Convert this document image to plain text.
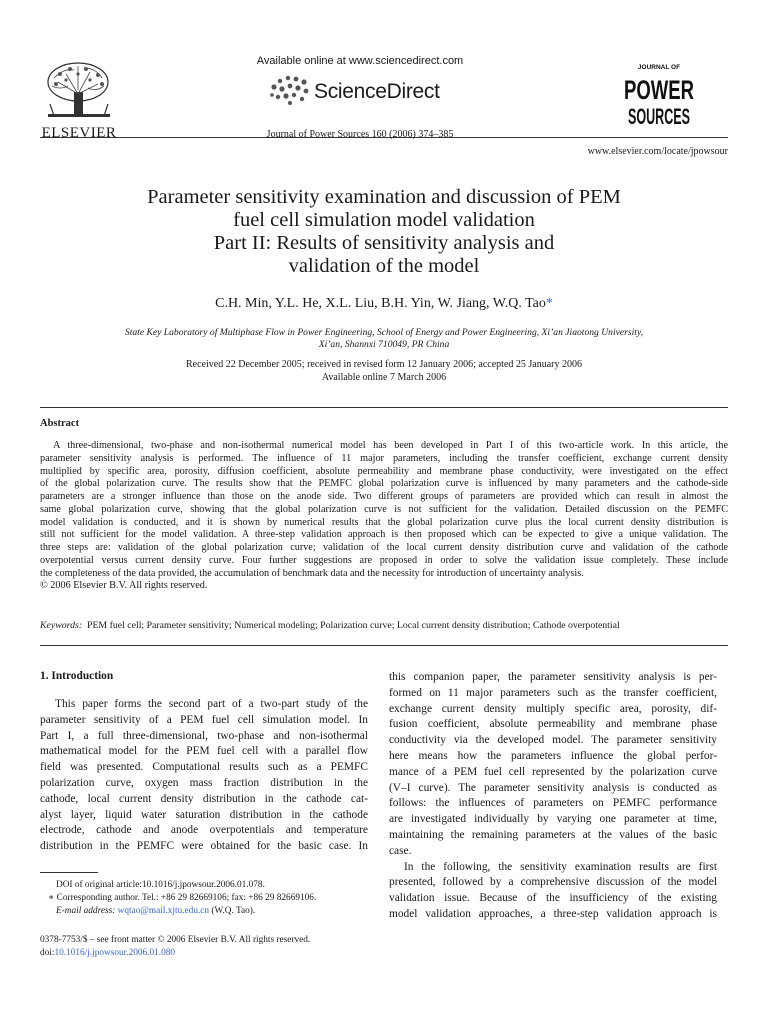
ELSEVIER
Available online at www.sciencedirect.com
ScienceDirect
Journal of Power Sources 160 (2006) 374–385
JOURNAL OF
POWER
SOURCES
www.elsevier.com/locate/jpowsour
Parameter sensitivity examination and discussion of PEM
fuel cell simulation model validation
Part II: Results of sensitivity analysis and
validation of the model
C.H. Min, Y.L. He, X.L. Liu, B.H. Yin, W. Jiang, W.Q. Tao*
State Key Laboratory of Multiphase Flow in Power Engineering, School of Energy and Power Engineering, Xi’an Jiaotong University,
Xi’an, Shannxi 710049, PR China
Received 22 December 2005; received in revised form 12 January 2006; accepted 25 January 2006
Available online 7 March 2006
Abstract
A three-dimensional, two-phase and non-isothermal numerical model has been developed in Part I of this two-article work. In this article, the
parameter sensitivity analysis is performed. The influence of 11 major parameters, including the transfer coefficient, exchange current density
multiplied by specific area, porosity, diffusion coefficient, absolute permeability and membrane phase conductivity, were investigated on the effect
of the global polarization curve. The results show that the PEMFC global polarization curve is influenced by many parameters and the cathode-side
parameters are a stronger influence than those on the anode side. Two different groups of parameters are provided which can result in almost the
same global polarization curve, showing that the global polarization curve is not sufficient for the validation. Detailed discussion on the PEMFC
model validation is conducted, and it is shown by numerical results that the global polarization curve plus the local current density distribution is
still not sufficient for the model validation. A three-step validation approach is then proposed which can be expected to give a unique validation. The
three steps are: validation of the global polarization curve; validation of the local current density distribution curve and validation of the cathode
overpotential versus current density curve. Four further suggestions are proposed in order to solve the validation issue completely. These include
the completeness of the data provided, the accumulation of benchmark data and the necessity for introduction of uncertainty analysis.
© 2006 Elsevier B.V. All rights reserved.
Keywords: PEM fuel cell; Parameter sensitivity; Numerical modeling; Polarization curve; Local current density distribution; Cathode overpotential
1. Introduction
This paper forms the second part of a two-part study of the
parameter sensitivity of a PEM fuel cell simulation model. In
Part I, a full three-dimensional, two-phase and non-isothermal
mathematical model for the PEM fuel cell with a parallel flow
field was presented. Computational results such as a PEMFC
polarization curve, oxygen mass fraction distribution in the
cathode, local current density distribution in the cathode cat-
alyst layer, liquid water saturation distribution in the cathode
electrode, cathode and anode overpotentials and temperature
distribution in the PEMFC were obtained for the basic case. In
this companion paper, the parameter sensitivity analysis is per-
formed on 11 major parameters such as the transfer coefficient,
exchange current density multiply specific area, porosity, dif-
fusion coefficient, absolute permeability and membrane phase
conductivity via the developed model. The parameter sensitivity
here means how the parameters influence the global perfor-
mance of a PEM fuel cell represented by the polarization curve
(V–I curve). The parameter sensitivity analysis is conducted as
follows: the influences of parameters on PEMFC performance
are investigated individually by varying one parameter at time,
maintaining the remaining parameters at the values of the basic
case.
In the following, the sensitivity examination results are first
presented, followed by a comprehensive discussion of the model
validation issue. Because of the insufficiency of the existing
model validation approaches, a three-step validation approach is
DOI of original article:10.1016/j.jpowsour.2006.01.078.
∗ Corresponding author. Tel.: +86 29 82669106; fax: +86 29 82669106.
E-mail address: wqtao@mail.xjtu.edu.cn (W.Q. Tao).
0378-7753/$ – see front matter © 2006 Elsevier B.V. All rights reserved.
doi:10.1016/j.jpowsour.2006.01.080
